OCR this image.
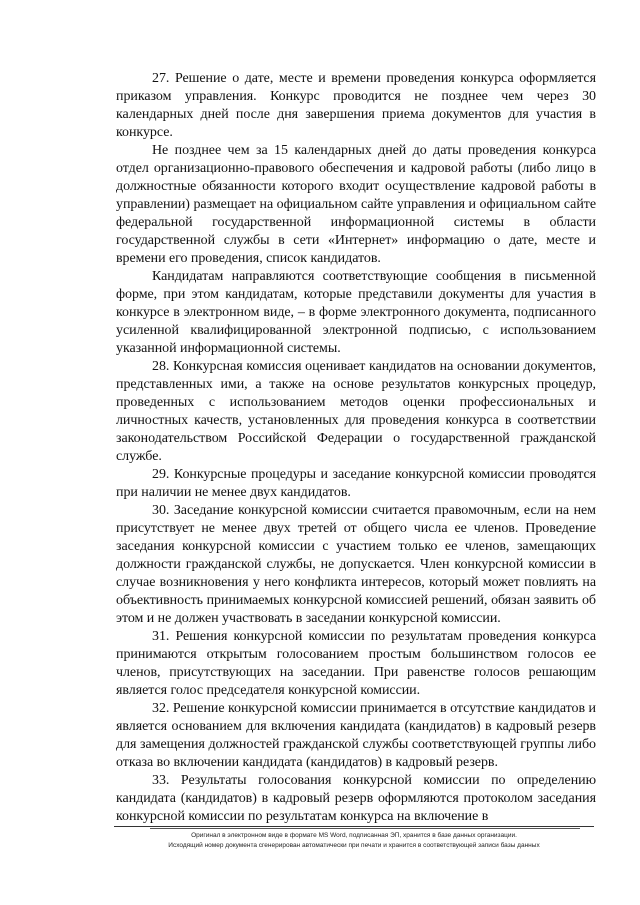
27. Решение о дате, месте и времени проведения конкурса оформляется приказом управления. Конкурс проводится не позднее чем через 30 календарных дней после дня завершения приема документов для участия в конкурсе.

Не позднее чем за 15 календарных дней до даты проведения конкурса отдел организационно-правового обеспечения и кадровой работы (либо лицо в должностные обязанности которого входит осуществление кадровой работы в управлении) размещает на официальном сайте управления и официальном сайте федеральной государственной информационной системы в области государственной службы в сети «Интернет» информацию о дате, месте и времени его проведения, список кандидатов.

Кандидатам направляются соответствующие сообщения в письменной форме, при этом кандидатам, которые представили документы для участия в конкурсе в электронном виде, – в форме электронного документа, подписанного усиленной квалифицированной электронной подписью, с использованием указанной информационной системы.

28. Конкурсная комиссия оценивает кандидатов на основании документов, представленных ими, а также на основе результатов конкурсных процедур, проведенных с использованием методов оценки профессиональных и личностных качеств, установленных для проведения конкурса в соответствии законодательством Российской Федерации о государственной гражданской службе.

29. Конкурсные процедуры и заседание конкурсной комиссии проводятся при наличии не менее двух кандидатов.

30. Заседание конкурсной комиссии считается правомочным, если на нем присутствует не менее двух третей от общего числа ее членов. Проведение заседания конкурсной комиссии с участием только ее членов, замещающих должности гражданской службы, не допускается. Член конкурсной комиссии в случае возникновения у него конфликта интересов, который может повлиять на объективность принимаемых конкурсной комиссией решений, обязан заявить об этом и не должен участвовать в заседании конкурсной комиссии.

31. Решения конкурсной комиссии по результатам проведения конкурса принимаются открытым голосованием простым большинством голосов ее членов, присутствующих на заседании. При равенстве голосов решающим является голос председателя конкурсной комиссии.

32. Решение конкурсной комиссии принимается в отсутствие кандидатов и является основанием для включения кандидата (кандидатов) в кадровый резерв для замещения должностей гражданской службы соответствующей группы либо отказа во включении кандидата (кандидатов) в кадровый резерв.

33. Результаты голосования конкурсной комиссии по определению кандидата (кандидатов) в кадровый резерв оформляются протоколом заседания конкурсной комиссии по результатам конкурса на включение в

Оригинал в электронном виде в формате MS Word, подписанная ЭП, хранится в базе данных организации.
Исходящий номер документа сгенерирован автоматически при печати и хранится в соответствующей записи базы данных
